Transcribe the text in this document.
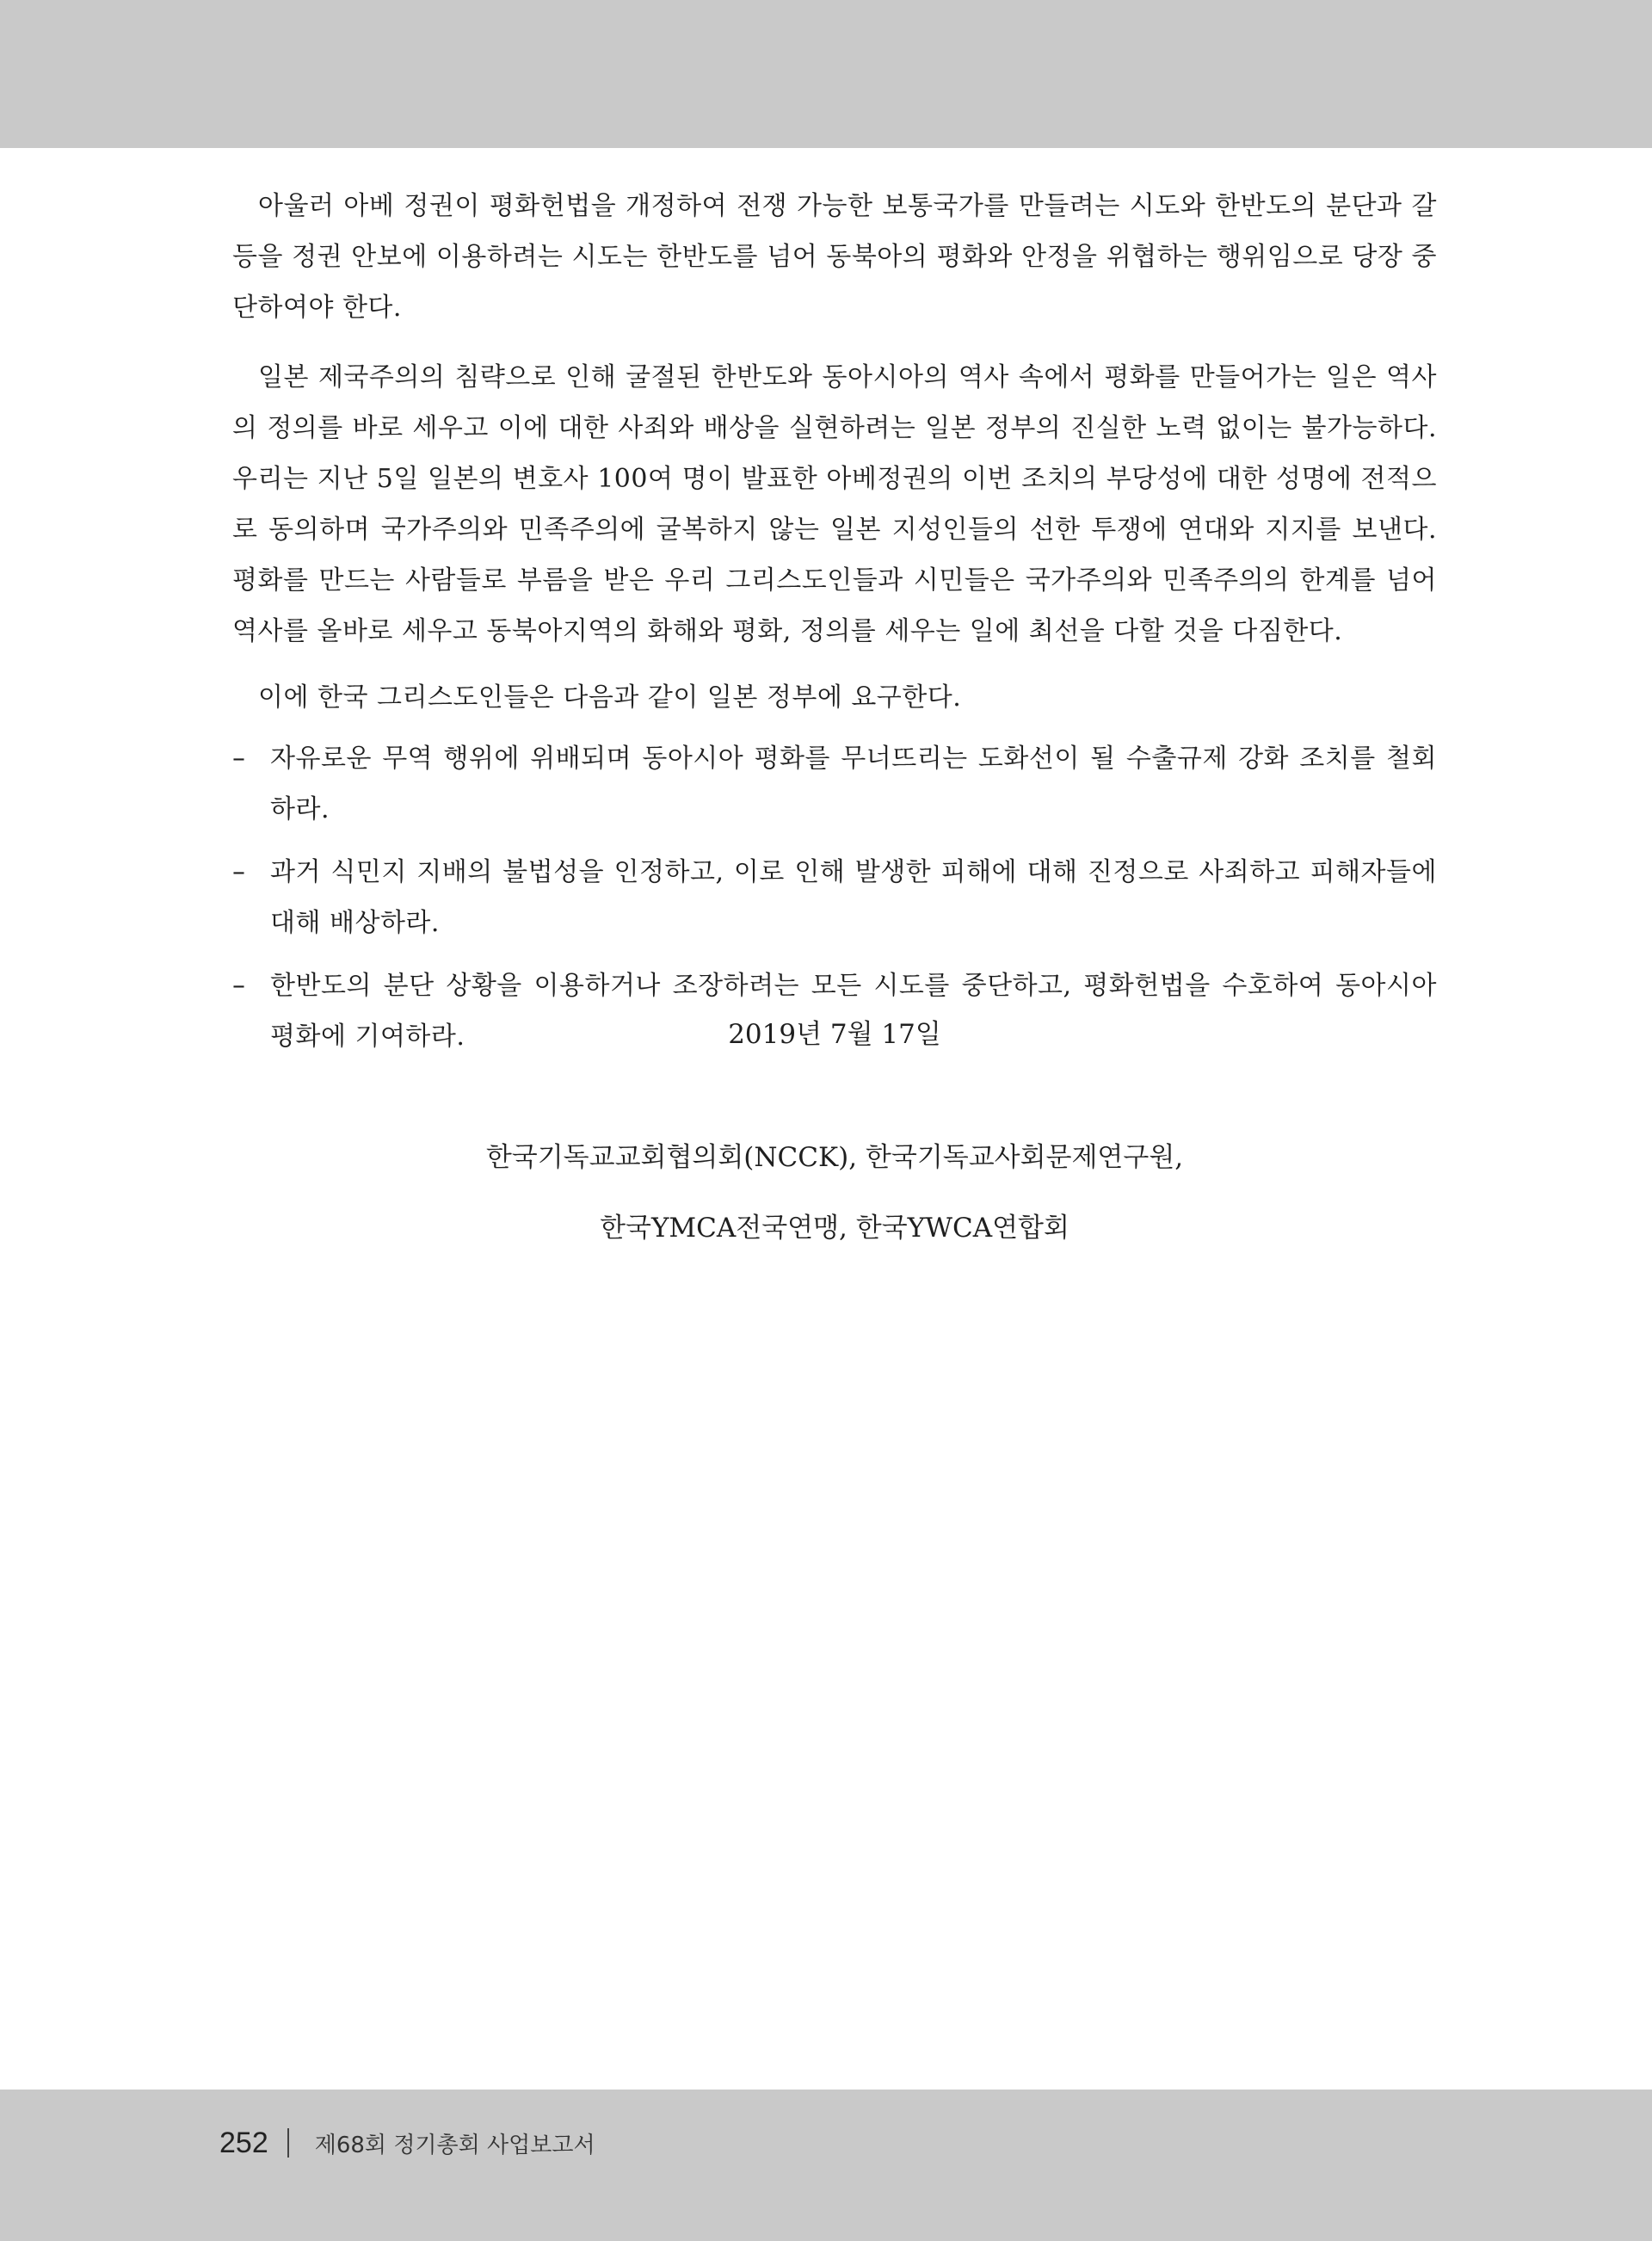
아울러 아베 정권이 평화헌법을 개정하여 전쟁 가능한 보통국가를 만들려는 시도와 한반도의 분단과 갈등을 정권 안보에 이용하려는 시도는 한반도를 넘어 동북아의 평화와 안정을 위협하는 행위임으로 당장 중단하여야 한다.

일본 제국주의의 침략으로 인해 굴절된 한반도와 동아시아의 역사 속에서 평화를 만들어가는 일은 역사의 정의를 바로 세우고 이에 대한 사죄와 배상을 실현하려는 일본 정부의 진실한 노력 없이는 불가능하다. 우리는 지난 5일 일본의 변호사 100여 명이 발표한 아베정권의 이번 조치의 부당성에 대한 성명에 전적으로 동의하며 국가주의와 민족주의에 굴복하지 않는 일본 지성인들의 선한 투쟁에 연대와 지지를 보낸다. 평화를 만드는 사람들로 부름을 받은 우리 그리스도인들과 시민들은 국가주의와 민족주의의 한계를 넘어 역사를 올바로 세우고 동북아지역의 화해와 평화, 정의를 세우는 일에 최선을 다할 것을 다짐한다.

이에 한국 그리스도인들은 다음과 같이 일본 정부에 요구한다.

– 자유로운 무역 행위에 위배되며 동아시아 평화를 무너뜨리는 도화선이 될 수출규제 강화 조치를 철회하라.
– 과거 식민지 지배의 불법성을 인정하고, 이로 인해 발생한 피해에 대해 진정으로 사죄하고 피해자들에 대해 배상하라.
– 한반도의 분단 상황을 이용하거나 조장하려는 모든 시도를 중단하고, 평화헌법을 수호하여 동아시아 평화에 기여하라.	2019년 7월 17일
한국기독교교회협의회(NCCK), 한국기독교사회문제연구원,
한국YMCA전국연맹, 한국YWCA연합회
252 제68회 정기총회 사업보고서
